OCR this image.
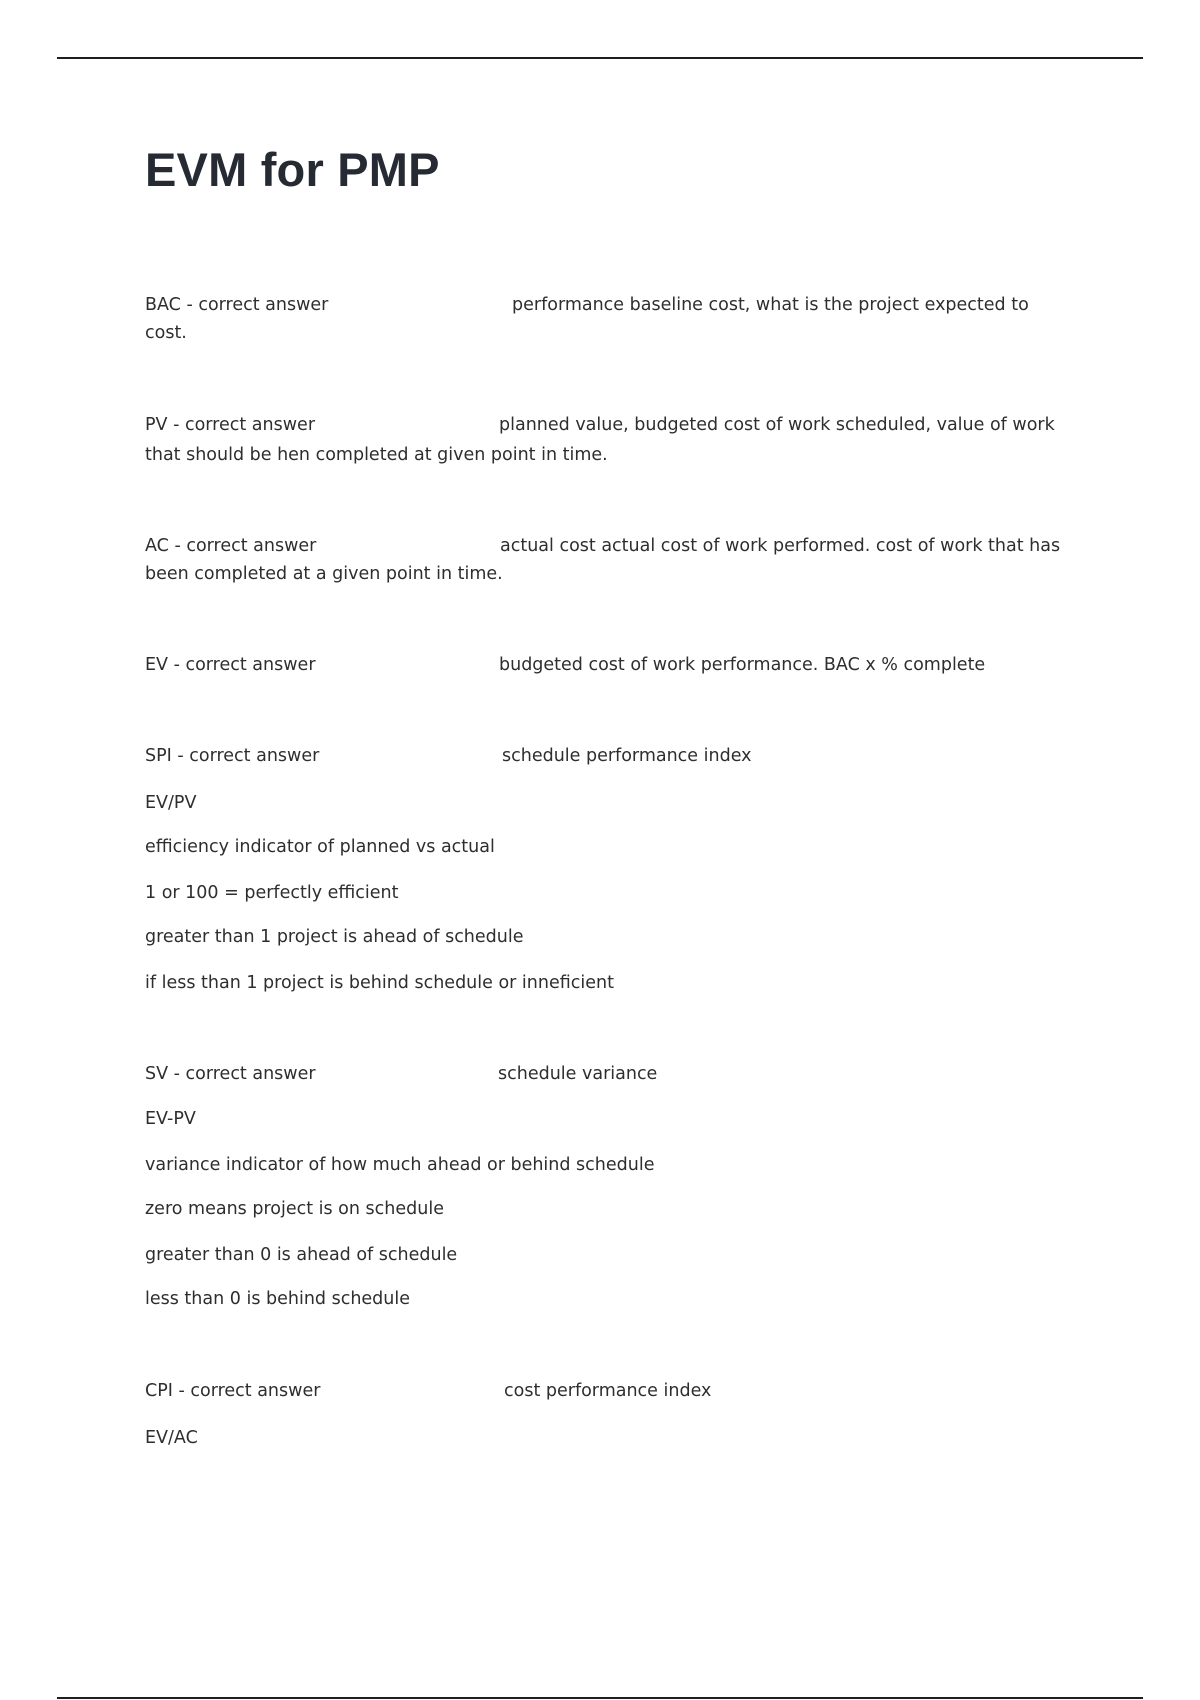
EVM for PMP
BAC - correct answer	performance baseline cost, what is the project expected to
cost.
PV - correct answer	planned value, budgeted cost of work scheduled, value of work
that should be hen completed at given point in time.
AC - correct answer	actual cost actual cost of work performed. cost of work that has
been completed at a given point in time.
EV - correct answer	budgeted cost of work performance. BAC x % complete
SPI - correct answer	schedule performance index
EV/PV
efficiency indicator of planned vs actual
1 or 100 = perfectly efficient
greater than 1 project is ahead of schedule
if less than 1 project is behind schedule or inneficient
SV - correct answer	schedule variance
EV-PV
variance indicator of how much ahead or behind schedule
zero means project is on schedule
greater than 0 is ahead of schedule
less than 0 is behind schedule
CPI - correct answer	cost performance index
EV/AC
